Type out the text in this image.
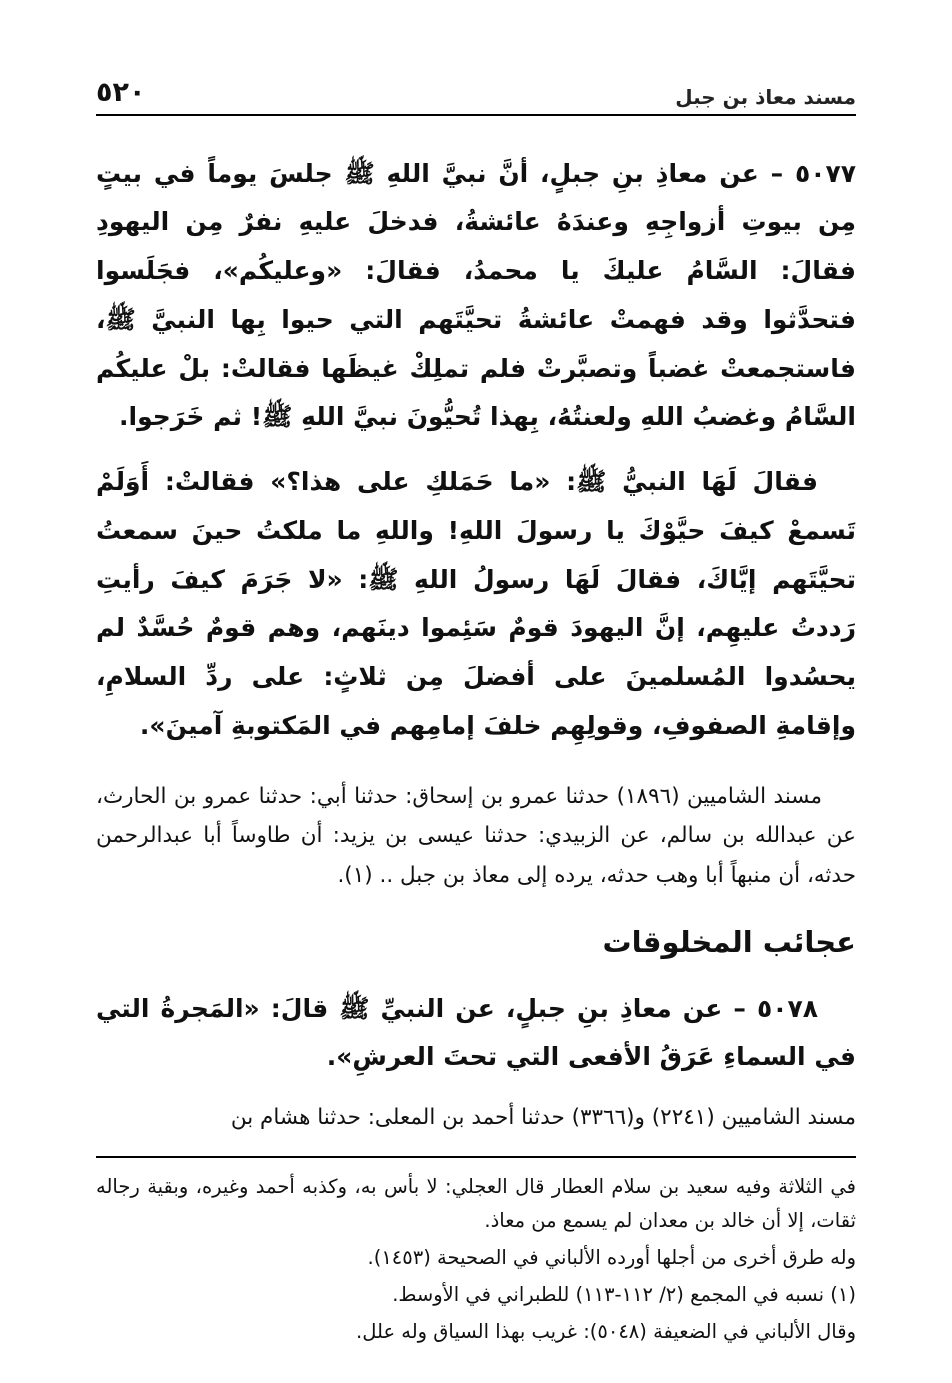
٥٢٠	مسند معاذ بن جبل

٥٠٧٧ – عن معاذِ بنِ جبلٍ، أنَّ نبيَّ اللهِ ﷺ جلسَ يوماً في بيتٍ مِن بيوتِ أزواجِهِ وعندَهُ عائشةُ، فدخلَ عليهِ نفرٌ مِن اليهودِ فقالَ: السَّامُ عليكَ يا محمدُ، فقالَ: «وعليكُم»، فجَلَسوا فتحدَّثوا وقد فهمتْ عائشةُ تحيَّتَهم التي حيوا بِها النبيَّ ﷺ، فاستجمعتْ غضباً وتصبَّرتْ فلم تملِكْ غيظَها فقالتْ: بلْ عليكُم السَّامُ وغضبُ اللهِ ولعنتُهُ، بِهذا تُحيُّونَ نبيَّ اللهِ ﷺ! ثم خَرَجوا.

فقالَ لَهَا النبيُّ ﷺ: «ما حَمَلكِ على هذا؟» فقالتْ: أَوَلَمْ تَسمعْ كيفَ حيَّوْكَ يا رسولَ اللهِ! واللهِ ما ملكتُ حينَ سمعتُ تحيَّتَهم إيَّاكَ، فقالَ لَهَا رسولُ اللهِ ﷺ: «لا جَرَمَ كيفَ رأيتِ رَددتُ عليهِم، إنَّ اليهودَ قومٌ سَئِموا دينَهم، وهم قومٌ حُسَّدٌ لم يحسُدوا المُسلمينَ على أفضلَ مِن ثلاثٍ: على ردِّ السلامِ، وإقامةِ الصفوفِ، وقولِهِم خلفَ إمامِهم في المَكتوبةِ آمينَ».

مسند الشاميين (١٨٩٦) حدثنا عمرو بن إسحاق: حدثنا أبي: حدثنا عمرو بن الحارث، عن عبدالله بن سالم، عن الزبيدي: حدثنا عيسى بن يزيد: أن طاوساً أبا عبدالرحمن حدثه، أن منبهاً أبا وهب حدثه، يرده إلى معاذ بن جبل .. (١).

عجائب المخلوقات

٥٠٧٨ – عن معاذِ بنِ جبلٍ، عن النبيِّ ﷺ قالَ: «المَجرةُ التي في السماءِ عَرَقُ الأفعى التي تحتَ العرشِ».

مسند الشاميين (٢٢٤١) و(٣٣٦٦) حدثنا أحمد بن المعلى: حدثنا هشام بن

في الثلاثة وفيه سعيد بن سلام العطار قال العجلي: لا بأس به، وكذبه أحمد وغيره، وبقية رجاله ثقات، إلا أن خالد بن معدان لم يسمع من معاذ.

وله طرق أخرى من أجلها أورده الألباني في الصحيحة (١٤٥٣).

(١) نسبه في المجمع (٢/ ١١٢-١١٣) للطبراني في الأوسط.

وقال الألباني في الضعيفة (٥٠٤٨): غريب بهذا السياق وله علل.
